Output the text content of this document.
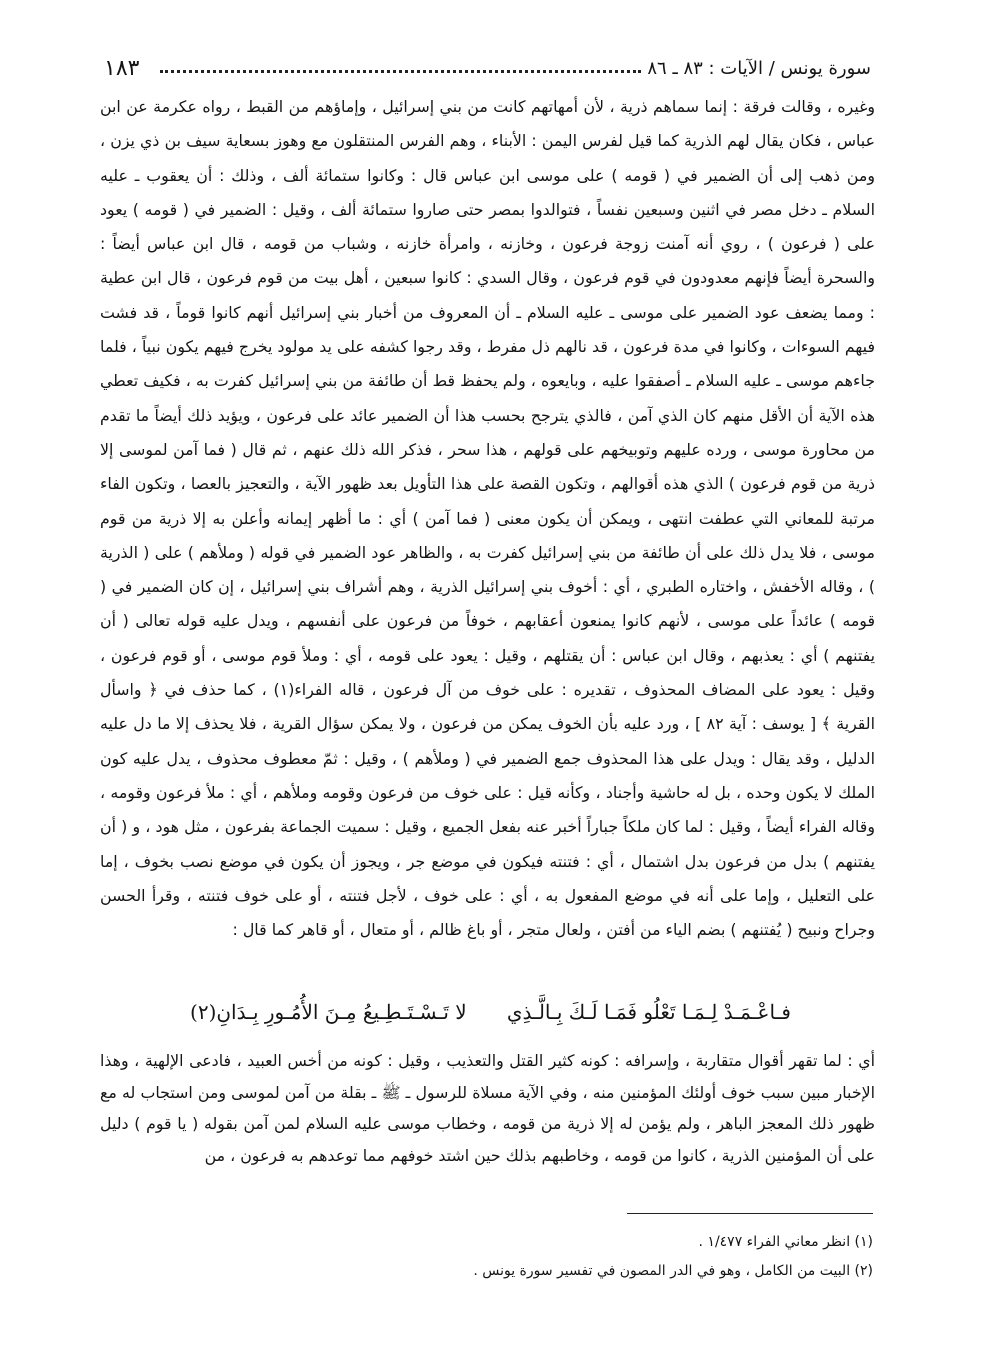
١٨٣	سورة يونس / الآيات : ٨٣ ـ ٨٦

وغيره ، وقالت فرقة : إنما سماهم ذرية ، لأن أمهاتهم كانت من بني إسرائيل ، وإماؤهم من القبط ، رواه عكرمة عن ابن عباس ، فكان يقال لهم الذرية كما قيل لفرس اليمن : الأبناء ، وهم الفرس المنتقلون مع وهوز بسعاية سيف بن ذي يزن ، ومن ذهب إلى أن الضمير في ( قومه ) على موسى ابن عباس قال : وكانوا ستمائة ألف ، وذلك : أن يعقوب ـ عليه السلام ـ دخل مصر في اثنين وسبعين نفساً ، فتوالدوا بمصر حتى صاروا ستمائة ألف ، وقيل : الضمير في ( قومه ) يعود على ( فرعون ) ، روي أنه آمنت زوجة فرعون ، وخازنه ، وامرأة خازنه ، وشباب من قومه ، قال ابن عباس أيضاً : والسحرة أيضاً فإنهم معدودون في قوم فرعون ، وقال السدي : كانوا سبعين ، أهل بيت من قوم فرعون ، قال ابن عطية : ومما يضعف عود الضمير على موسى ـ عليه السلام ـ أن المعروف من أخبار بني إسرائيل أنهم كانوا قوماً ، قد فشت فيهم السوءات ، وكانوا في مدة فرعون ، قد نالهم ذل مفرط ، وقد رجوا كشفه على يد مولود يخرج فيهم يكون نبياً ، فلما جاءهم موسى ـ عليه السلام ـ أصفقوا عليه ، وبايعوه ، ولم يحفظ قط أن طائفة من بني إسرائيل كفرت به ، فكيف تعطي هذه الآية أن الأقل منهم كان الذي آمن ، فالذي يترجح بحسب هذا أن الضمير عائد على فرعون ، ويؤيد ذلك أيضاً ما تقدم من محاورة موسى ، ورده عليهم وتوبيخهم على قولهم ، هذا سحر ، فذكر الله ذلك عنهم ، ثم قال ( فما آمن لموسى إلا ذرية من قوم فرعون ) الذي هذه أقوالهم ، وتكون القصة على هذا التأويل بعد ظهور الآية ، والتعجيز بالعصا ، وتكون الفاء مرتبة للمعاني التي عطفت انتهى ، ويمكن أن يكون معنى ( فما آمن ) أي : ما أظهر إيمانه وأعلن به إلا ذرية من قوم موسى ، فلا يدل ذلك على أن طائفة من بني إسرائيل كفرت به ، والظاهر عود الضمير في قوله ( وملأهم ) على ( الذرية ) ، وقاله الأخفش ، واختاره الطبري ، أي : أخوف بني إسرائيل الذرية ، وهم أشراف بني إسرائيل ، إن كان الضمير في ( قومه ) عائداً على موسى ، لأنهم كانوا يمنعون أعقابهم ، خوفاً من فرعون على أنفسهم ، ويدل عليه قوله تعالى ( أن يفتنهم ) أي : يعذبهم ، وقال ابن عباس : أن يقتلهم ، وقيل : يعود على قومه ، أي : وملأ قوم موسى ، أو قوم فرعون ، وقيل : يعود على المضاف المحذوف ، تقديره : على خوف من آل فرعون ، قاله الفراء(١) ، كما حذف في ﴿ واسأل القرية ﴾ [ يوسف : آية ٨٢ ] ، ورد عليه بأن الخوف يمكن من فرعون ، ولا يمكن سؤال القرية ، فلا يحذف إلا ما دل عليه الدليل ، وقد يقال : ويدل على هذا المحذوف جمع الضمير في ( وملأهم ) ، وقيل : ثمّ معطوف محذوف ، يدل عليه كون الملك لا يكون وحده ، بل له حاشية وأجناد ، وكأنه قيل : على خوف من فرعون وقومه وملأهم ، أي : ملأ فرعون وقومه ، وقاله الفراء أيضاً ، وقيل : لما كان ملكاً جباراً أخبر عنه بفعل الجميع ، وقيل : سميت الجماعة بفرعون ، مثل هود ، و ( أن يفتنهم ) بدل من فرعون بدل اشتمال ، أي : فتنته فيكون في موضع جر ، ويجوز أن يكون في موضع نصب بخوف ، إما على التعليل ، وإما على أنه في موضع المفعول به ، أي : على خوف ، لأجل فتنته ، أو على خوف فتنته ، وقرأ الحسن وجراح ونبيح ( يُفتنهم ) بضم الياء من أفتن ، ولعال متجر ، أو باغ ظالم ، أو متعال ، أو قاهر كما قال :

فـاعْـمَـدْ لِـمَـا تَعْلُو فَمَـا لَـكَ بِـالَّـذِي
لا تَـسْـتَـطِـيعُ مِـنَ الأُمُـورِ بِـدَانِ(٢)

أي : لما تقهر أقوال متقاربة ، وإسرافه : كونه كثير القتل والتعذيب ، وقيل : كونه من أخس العبيد ، فادعى الإلهية ، وهذا الإخبار مبين سبب خوف أولئك المؤمنين منه ، وفي الآية مسلاة للرسول ـ ﷺ ـ بقلة من آمن لموسى ومن استجاب له مع ظهور ذلك المعجز الباهر ، ولم يؤمن له إلا ذرية من قومه ، وخطاب موسى عليه السلام لمن آمن بقوله ( يا قوم ) دليل على أن المؤمنين الذرية ، كانوا من قومه ، وخاطبهم بذلك حين اشتد خوفهم مما توعدهم به فرعون ، من

(١) انظر معاني الفراء ١/٤٧٧ .
(٢) البيت من الكامل ، وهو في الدر المصون في تفسير سورة يونس .
